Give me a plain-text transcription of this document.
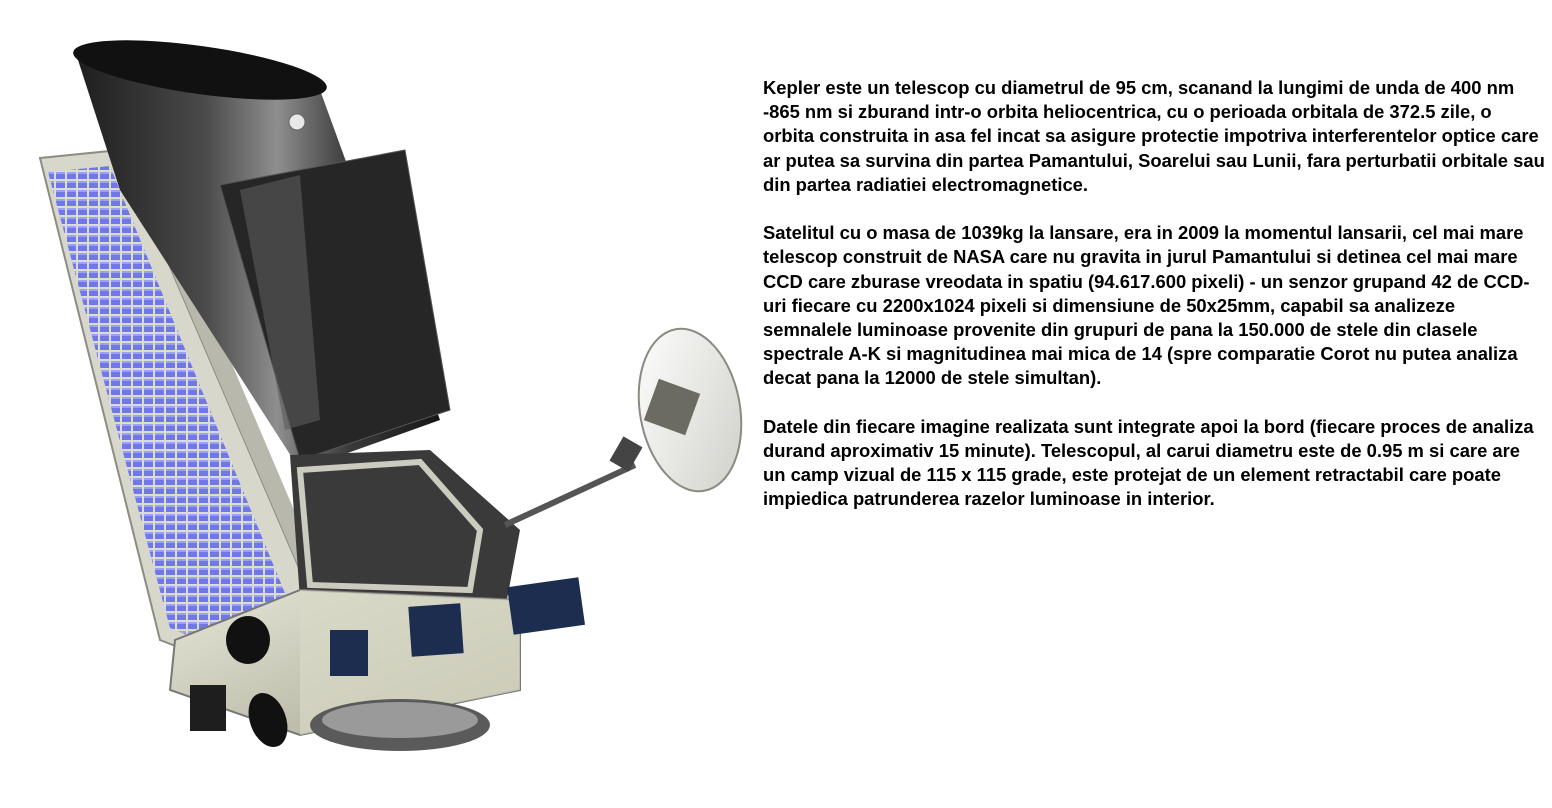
Kepler este un telescop cu diametrul de 95 cm, scanand la lungimi de unda de 400 nm -865 nm si zburand intr-o orbita heliocentrica, cu o perioada orbitala de 372.5 zile, o orbita construita in asa fel incat sa asigure protectie impotriva interferentelor optice care ar putea sa survina din partea Pamantului, Soarelui sau Lunii, fara perturbatii orbitale sau din partea radiatiei electromagnetice.

Satelitul cu o masa de 1039kg la lansare, era in 2009 la momentul lansarii, cel mai mare telescop construit de NASA care nu gravita in jurul Pamantului si detinea cel mai mare CCD care zburase vreodata in spatiu (94.617.600 pixeli) - un senzor grupand 42 de CCD-uri fiecare cu 2200x1024 pixeli si dimensiune de 50x25mm, capabil sa analizeze semnalele luminoase provenite din grupuri de pana la 150.000 de stele din clasele spectrale A-K si magnitudinea mai mica de 14 (spre comparatie Corot nu putea analiza decat pana la 12000 de stele simultan).

Datele din fiecare imagine realizata sunt integrate apoi la bord (fiecare proces de analiza durand aproximativ 15 minute). Telescopul, al carui diametru este de 0.95 m si care are un camp vizual de 115 x 115 grade, este protejat de un element retractabil care poate impiedica patrunderea razelor luminoase in interior.
